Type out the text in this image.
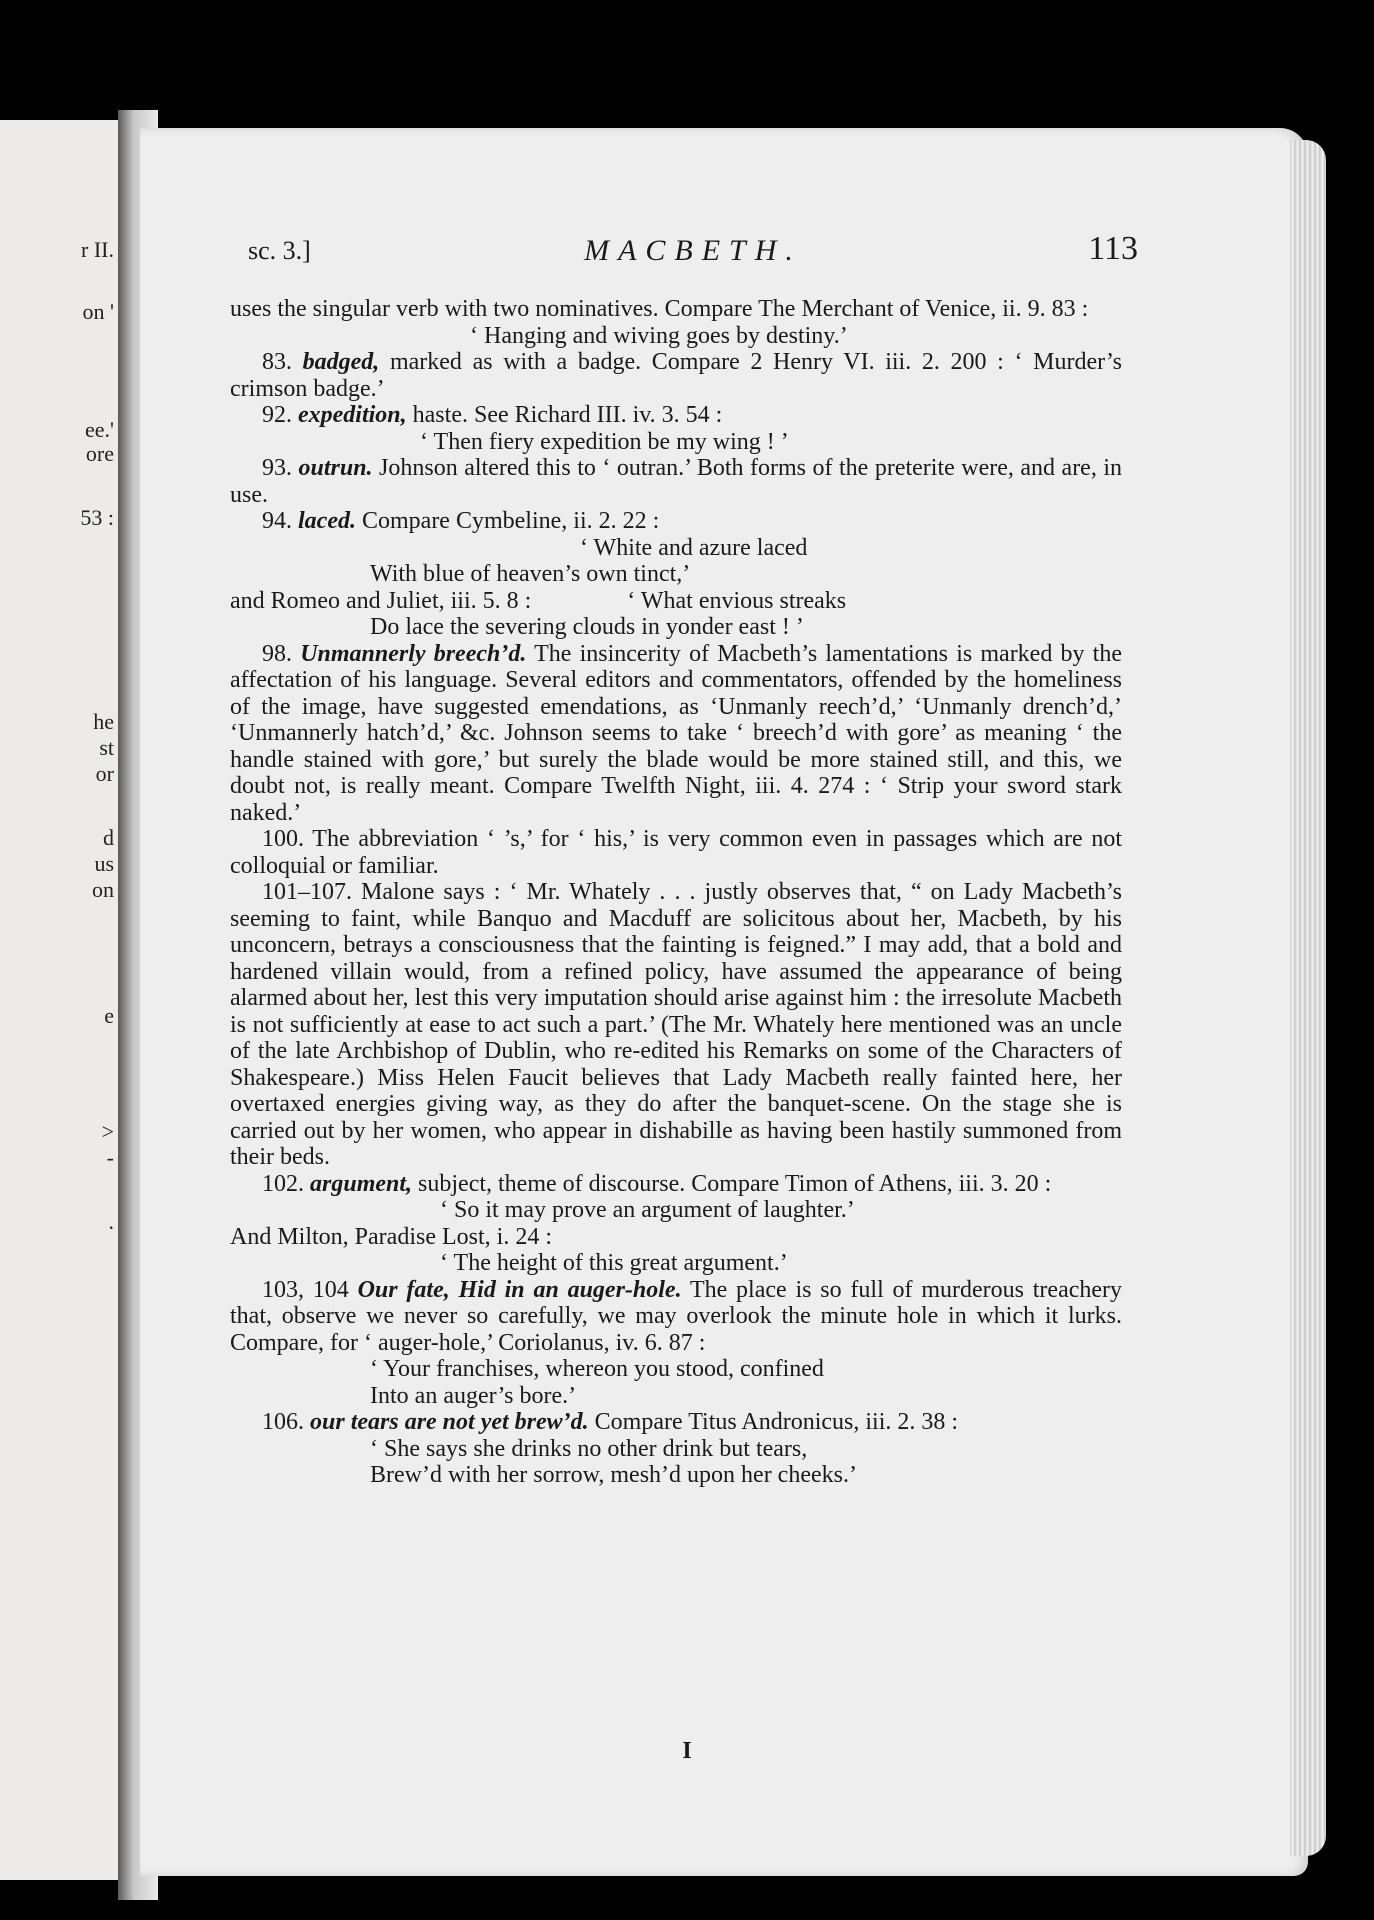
r II.
on '
ee.'
ore
53 :
he
st
or
d
us
on
e
>
-
.
sc. 3.]	MACBETH.	113

uses the singular verb with two nominatives. Compare The Merchant of Venice, ii. 9. 83 :

‘ Hanging and wiving goes by destiny.’

83. badged, marked as with a badge. Compare 2 Henry VI. iii. 2. 200 : ‘ Murder’s crimson badge.’

92. expedition, haste. See Richard III. iv. 3. 54 :

‘ Then fiery expedition be my wing ! ’

93. outrun. Johnson altered this to ‘ outran.’ Both forms of the preterite were, and are, in use.

94. laced. Compare Cymbeline, ii. 2. 22 :

‘ White and azure laced

With blue of heaven’s own tinct,’

and Romeo and Juliet, iii. 5. 8 :                ‘ What envious streaks

Do lace the severing clouds in yonder east ! ’

98. Unmannerly breech’d. The insincerity of Macbeth’s lamentations is marked by the affectation of his language. Several editors and commentators, offended by the homeliness of the image, have suggested emendations, as ‘Unmanly reech’d,’ ‘Unmanly drench’d,’ ‘Unmannerly hatch’d,’ &c. Johnson seems to take ‘ breech’d with gore’ as meaning ‘ the handle stained with gore,’ but surely the blade would be more stained still, and this, we doubt not, is really meant. Compare Twelfth Night, iii. 4. 274 : ‘ Strip your sword stark naked.’

100. The abbreviation ‘ ’s,’ for ‘ his,’ is very common even in passages which are not colloquial or familiar.

101–107. Malone says : ‘ Mr. Whately . . . justly observes that, “ on Lady Macbeth’s seeming to faint, while Banquo and Macduff are solicitous about her, Macbeth, by his unconcern, betrays a consciousness that the fainting is feigned.” I may add, that a bold and hardened villain would, from a refined policy, have assumed the appearance of being alarmed about her, lest this very imputation should arise against him : the irresolute Macbeth is not sufficiently at ease to act such a part.’ (The Mr. Whately here mentioned was an uncle of the late Archbishop of Dublin, who re-edited his Remarks on some of the Characters of Shakespeare.) Miss Helen Faucit believes that Lady Macbeth really fainted here, her overtaxed energies giving way, as they do after the banquet-scene. On the stage she is carried out by her women, who appear in dishabille as having been hastily summoned from their beds.

102. argument, subject, theme of discourse. Compare Timon of Athens, iii. 3. 20 :

‘ So it may prove an argument of laughter.’

And Milton, Paradise Lost, i. 24 :

‘ The height of this great argument.’

103, 104 Our fate, Hid in an auger-hole. The place is so full of murderous treachery that, observe we never so carefully, we may overlook the minute hole in which it lurks. Compare, for ‘ auger-hole,’ Coriolanus, iv. 6. 87 :

‘ Your franchises, whereon you stood, confined

Into an auger’s bore.’

106. our tears are not yet brew’d. Compare Titus Andronicus, iii. 2. 38 :

‘ She says she drinks no other drink but tears,

Brew’d with her sorrow, mesh’d upon her cheeks.’

I
